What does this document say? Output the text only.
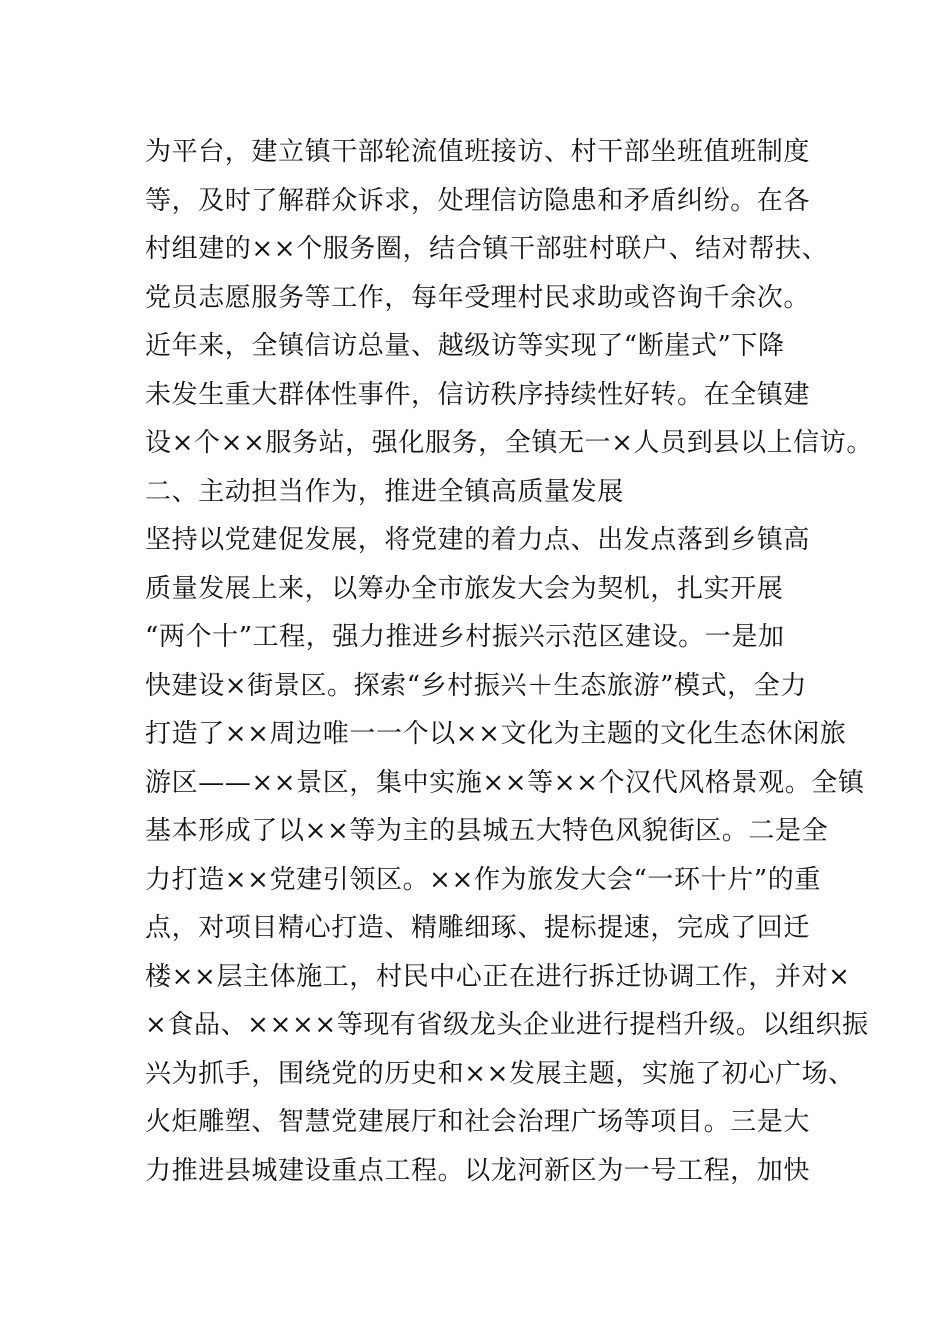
为平台，建立镇干部轮流值班接访、村干部坐班值班制度
等，及时了解群众诉求，处理信访隐患和矛盾纠纷。在各
村组建的××个服务圈，结合镇干部驻村联户、结对帮扶、
党员志愿服务等工作，每年受理村民求助或咨询千余次。
近年来，全镇信访总量、越级访等实现了“断崖式”下降
未发生重大群体性事件，信访秩序持续性好转。在全镇建
设×个××服务站，强化服务，全镇无一×人员到县以上信访。
二、主动担当作为，推进全镇高质量发展
坚持以党建促发展，将党建的着力点、出发点落到乡镇高
质量发展上来，以筹办全市旅发大会为契机，扎实开展
“两个十”工程，强力推进乡村振兴示范区建设。一是加
快建设×街景区。探索“乡村振兴＋生态旅游”模式，全力
打造了××周边唯一一个以××文化为主题的文化生态休闲旅
游区——××景区，集中实施××等××个汉代风格景观。全镇
基本形成了以××等为主的县城五大特色风貌街区。二是全
力打造××党建引领区。××作为旅发大会“一环十片”的重
点，对项目精心打造、精雕细琢、提标提速，完成了回迁
楼××层主体施工，村民中心正在进行拆迁协调工作，并对×
×食品、××××等现有省级龙头企业进行提档升级。以组织振
兴为抓手，围绕党的历史和××发展主题，实施了初心广场、
火炬雕塑、智慧党建展厅和社会治理广场等项目。三是大
力推进县城建设重点工程。以龙河新区为一号工程，加快
